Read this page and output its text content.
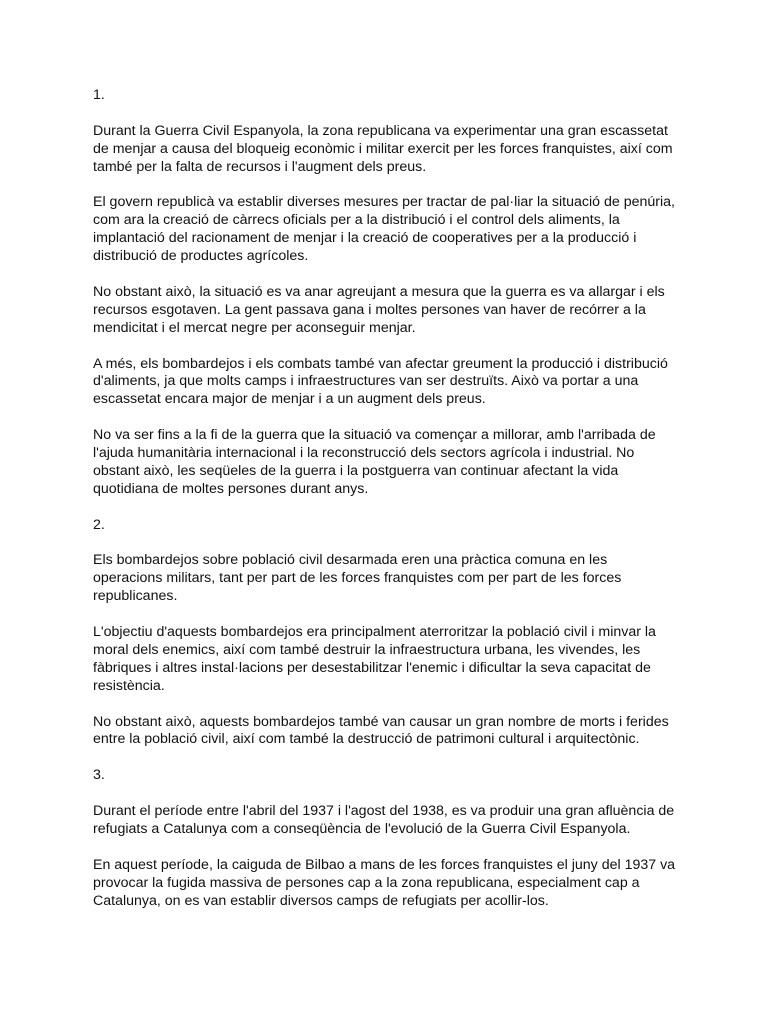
1.
Durant la Guerra Civil Espanyola, la zona republicana va experimentar una gran escassetat
de menjar a causa del bloqueig econòmic i militar exercit per les forces franquistes, així com
també per la falta de recursos i l'augment dels preus.
El govern republicà va establir diverses mesures per tractar de pal·liar la situació de penúria,
com ara la creació de càrrecs oficials per a la distribució i el control dels aliments, la
implantació del racionament de menjar i la creació de cooperatives per a la producció i
distribució de productes agrícoles.
No obstant això, la situació es va anar agreujant a mesura que la guerra es va allargar i els
recursos esgotaven. La gent passava gana i moltes persones van haver de recórrer a la
mendicitat i el mercat negre per aconseguir menjar.
A més, els bombardejos i els combats també van afectar greument la producció i distribució
d'aliments, ja que molts camps i infraestructures van ser destruïts. Això va portar a una
escassetat encara major de menjar i a un augment dels preus.
No va ser fins a la fi de la guerra que la situació va començar a millorar, amb l'arribada de
l'ajuda humanitària internacional i la reconstrucció dels sectors agrícola i industrial. No
obstant això, les seqüeles de la guerra i la postguerra van continuar afectant la vida
quotidiana de moltes persones durant anys.
2.
Els bombardejos sobre població civil desarmada eren una pràctica comuna en les
operacions militars, tant per part de les forces franquistes com per part de les forces
republicanes.
L'objectiu d'aquests bombardejos era principalment aterroritzar la població civil i minvar la
moral dels enemics, així com també destruir la infraestructura urbana, les vivendes, les
fàbriques i altres instal·lacions per desestabilitzar l'enemic i dificultar la seva capacitat de
resistència.
No obstant això, aquests bombardejos també van causar un gran nombre de morts i ferides
entre la població civil, així com també la destrucció de patrimoni cultural i arquitectònic.
3.
Durant el període entre l'abril del 1937 i l'agost del 1938, es va produir una gran afluència de
refugiats a Catalunya com a conseqüència de l'evolució de la Guerra Civil Espanyola.
En aquest període, la caiguda de Bilbao a mans de les forces franquistes el juny del 1937 va
provocar la fugida massiva de persones cap a la zona republicana, especialment cap a
Catalunya, on es van establir diversos camps de refugiats per acollir-los.
